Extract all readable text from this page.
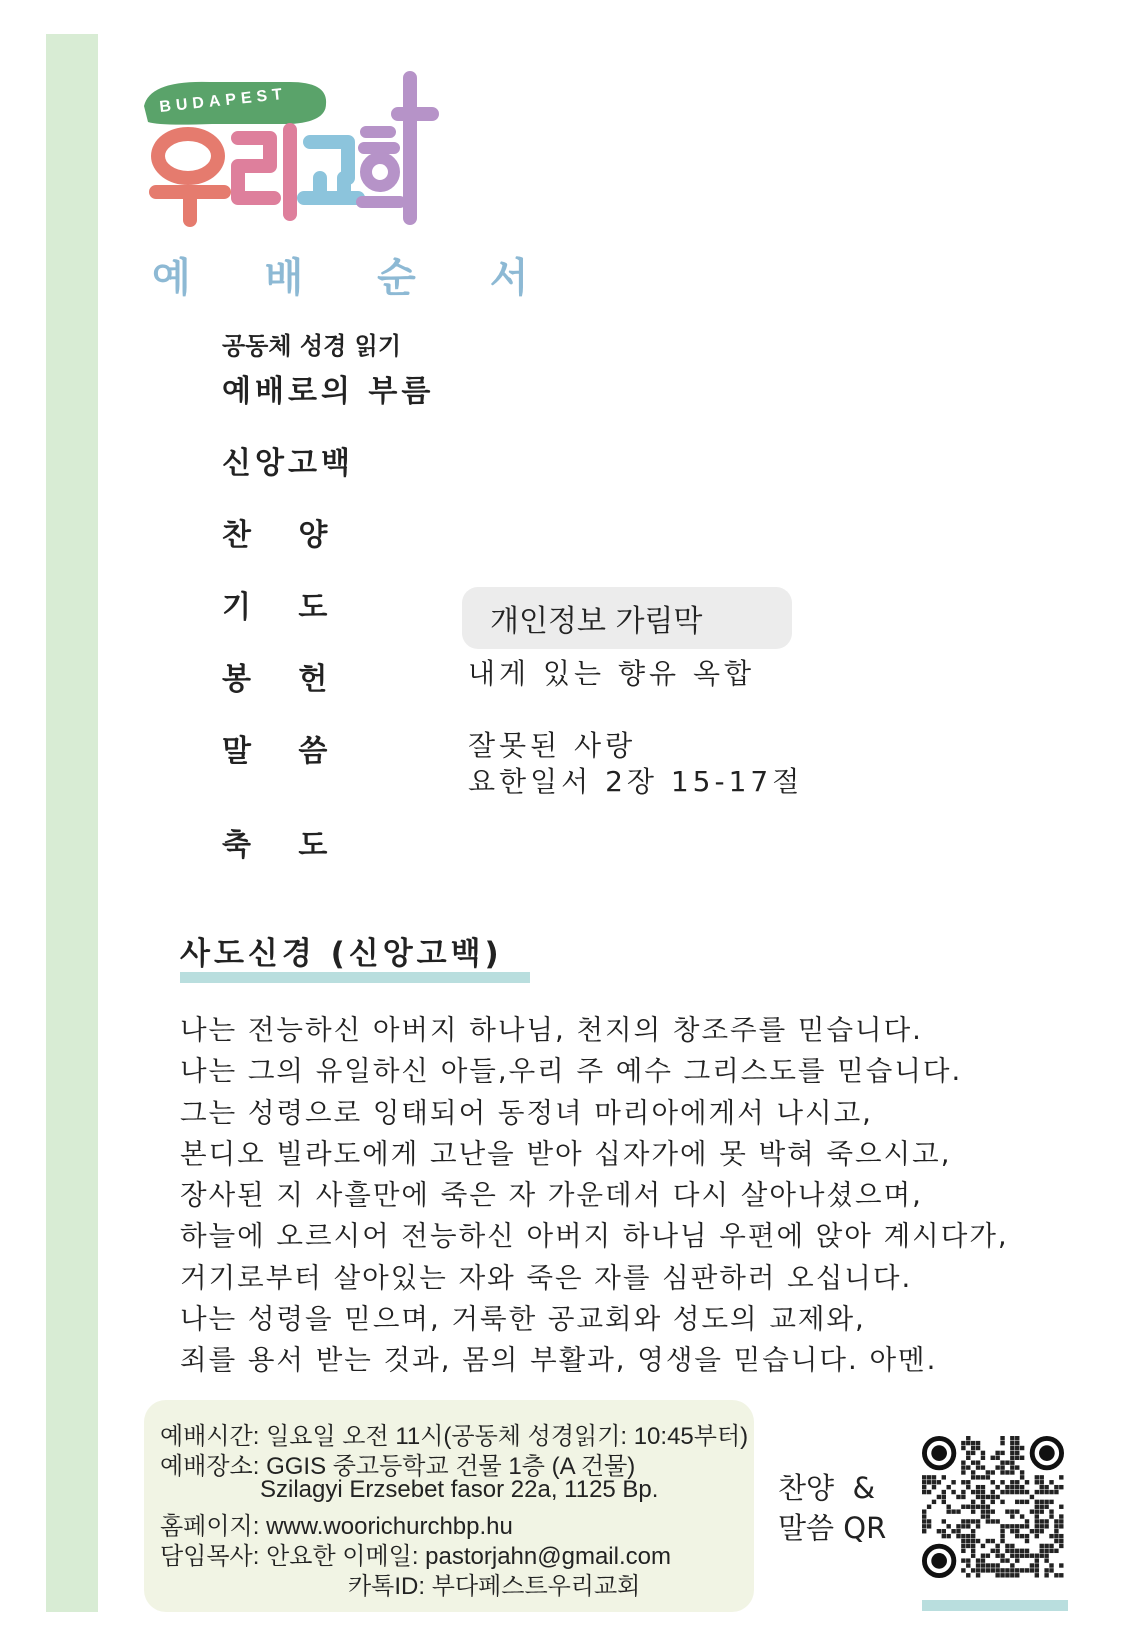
BUDAPEST
예 배 순 서
공동체 성경 읽기
예배로의 부름
신앙고백
찬   양
기   도	개인정보 가림막
봉   헌	내게 있는 향유 옥합
말   씀	잘못된 사랑
요한일서 2장 15-17절
축   도
사도신경 (신앙고백)
나는 전능하신 아버지 하나님, 천지의 창조주를 믿습니다.
나는 그의 유일하신 아들,우리 주 예수 그리스도를 믿습니다.
그는 성령으로 잉태되어 동정녀 마리아에게서 나시고,
본디오 빌라도에게 고난을 받아 십자가에 못 박혀 죽으시고,
장사된 지 사흘만에 죽은 자 가운데서 다시 살아나셨으며,
하늘에 오르시어 전능하신 아버지 하나님 우편에 앉아 계시다가,
거기로부터 살아있는 자와 죽은 자를 심판하러 오십니다.
나는 성령을 믿으며, 거룩한 공교회와 성도의 교제와,
죄를 용서 받는 것과, 몸의 부활과, 영생을 믿습니다. 아멘.
예배시간: 일요일 오전 11시(공동체 성경읽기: 10:45부터)
예배장소: GGIS 중고등학교 건물 1층 (A 건물)
Szilagyi Erzsebet fasor 22a, 1125 Bp.
홈페이지: www.woorichurchbp.hu
담임목사: 안요한 이메일: pastorjahn@gmail.com
카톡ID: 부다페스트우리교회
찬양  &
말씀 QR
